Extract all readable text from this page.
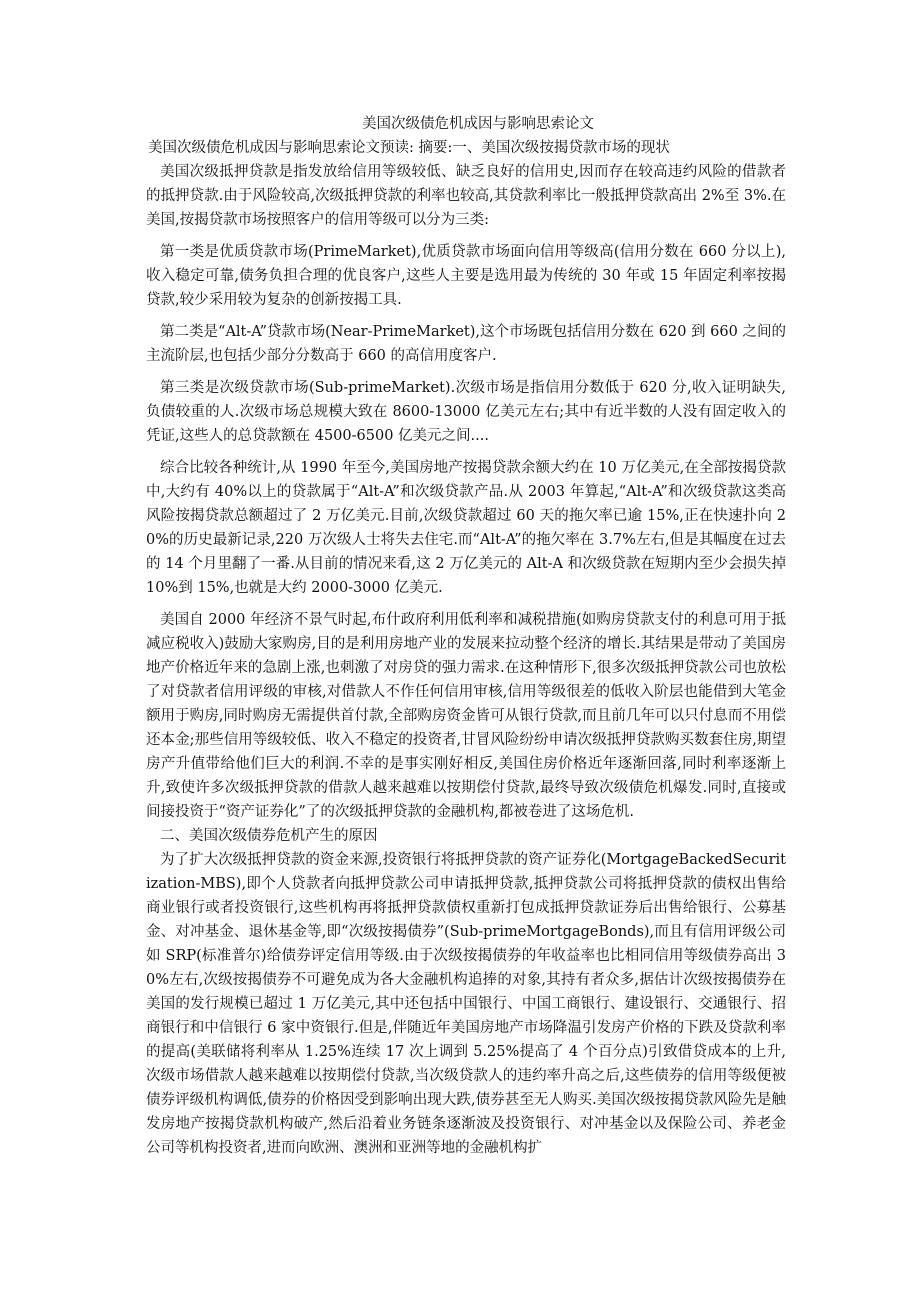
美国次级债危机成因与影响思索论文

美国次级债危机成因与影响思索论文预读: 摘要:一、美国次级按揭贷款市场的现状

美国次级抵押贷款是指发放给信用等级较低、缺乏良好的信用史,因而存在较高违约风险的借款者的抵押贷款.由于风险较高,次级抵押贷款的利率也较高,其贷款利率比一般抵押贷款高出 2%至 3%.在美国,按揭贷款市场按照客户的信用等级可以分为三类:

第一类是优质贷款市场(PrimeMarket),优质贷款市场面向信用等级高(信用分数在 660 分以上),收入稳定可靠,债务负担合理的优良客户,这些人主要是选用最为传统的 30 年或 15 年固定利率按揭贷款,较少采用较为复杂的创新按揭工具.

第二类是“Alt-A”贷款市场(Near-PrimeMarket),这个市场既包括信用分数在 620 到 660 之间的主流阶层,也包括少部分分数高于 660 的高信用度客户.

第三类是次级贷款市场(Sub-primeMarket).次级市场是指信用分数低于 620 分,收入证明缺失,负债较重的人.次级市场总规模大致在 8600-13000 亿美元左右;其中有近半数的人没有固定收入的凭证,这些人的总贷款额在 4500-6500 亿美元之间....

综合比较各种统计,从 1990 年至今,美国房地产按揭贷款余额大约在 10 万亿美元,在全部按揭贷款中,大约有 40%以上的贷款属于“Alt-A”和次级贷款产品.从 2003 年算起,“Alt-A”和次级贷款这类高风险按揭贷款总额超过了 2 万亿美元.目前,次级贷款超过 60 天的拖欠率已逾 15%,正在快速扑向 20%的历史最新记录,220 万次级人士将失去住宅.而“Alt-A”的拖欠率在 3.7%左右,但是其幅度在过去的 14 个月里翻了一番.从目前的情况来看,这 2 万亿美元的 Alt-A 和次级贷款在短期内至少会损失掉 10%到 15%,也就是大约 2000-3000 亿美元.

美国自 2000 年经济不景气时起,布什政府利用低利率和减税措施(如购房贷款支付的利息可用于抵减应税收入)鼓励大家购房,目的是利用房地产业的发展来拉动整个经济的增长.其结果是带动了美国房地产价格近年来的急剧上涨,也刺激了对房贷的强力需求.在这种情形下,很多次级抵押贷款公司也放松了对贷款者信用评级的审核,对借款人不作任何信用审核,信用等级很差的低收入阶层也能借到大笔金额用于购房,同时购房无需提供首付款,全部购房资金皆可从银行贷款,而且前几年可以只付息而不用偿还本金;那些信用等级较低、收入不稳定的投资者,甘冒风险纷纷申请次级抵押贷款购买数套住房,期望房产升值带给他们巨大的利润.不幸的是事实刚好相反,美国住房价格近年逐渐回落,同时利率逐渐上升,致使许多次级抵押贷款的借款人越来越难以按期偿付贷款,最终导致次级债危机爆发.同时,直接或间接投资于“资产证券化”了的次级抵押贷款的金融机构,都被卷进了这场危机.

二、美国次级债券危机产生的原因

为了扩大次级抵押贷款的资金来源,投资银行将抵押贷款的资产证券化(MortgageBackedSecuritization-MBS),即个人贷款者向抵押贷款公司申请抵押贷款,抵押贷款公司将抵押贷款的债权出售给商业银行或者投资银行,这些机构再将抵押贷款债权重新打包成抵押贷款证券后出售给银行、公募基金、对冲基金、退休基金等,即“次级按揭债券”(Sub-primeMortgageBonds),而且有信用评级公司如 SRP(标准普尔)给债券评定信用等级.由于次级按揭债券的年收益率也比相同信用等级债券高出 30%左右,次级按揭债券不可避免成为各大金融机构追捧的对象,其持有者众多,据估计次级按揭债券在美国的发行规模已超过 1 万亿美元,其中还包括中国银行、中国工商银行、建设银行、交通银行、招商银行和中信银行 6 家中资银行.但是,伴随近年美国房地产市场降温引发房产价格的下跌及贷款利率的提高(美联储将利率从 1.25%连续 17 次上调到 5.25%提高了 4 个百分点)引致借贷成本的上升,次级市场借款人越来越难以按期偿付贷款,当次级贷款人的违约率升高之后,这些债券的信用等级便被债券评级机构调低,债券的价格因受到影响出现大跌,债券甚至无人购买.美国次级按揭贷款风险先是触发房地产按揭贷款机构破产,然后沿着业务链条逐渐波及投资银行、对冲基金以及保险公司、养老金公司等机构投资者,进而向欧洲、澳洲和亚洲等地的金融机构扩
